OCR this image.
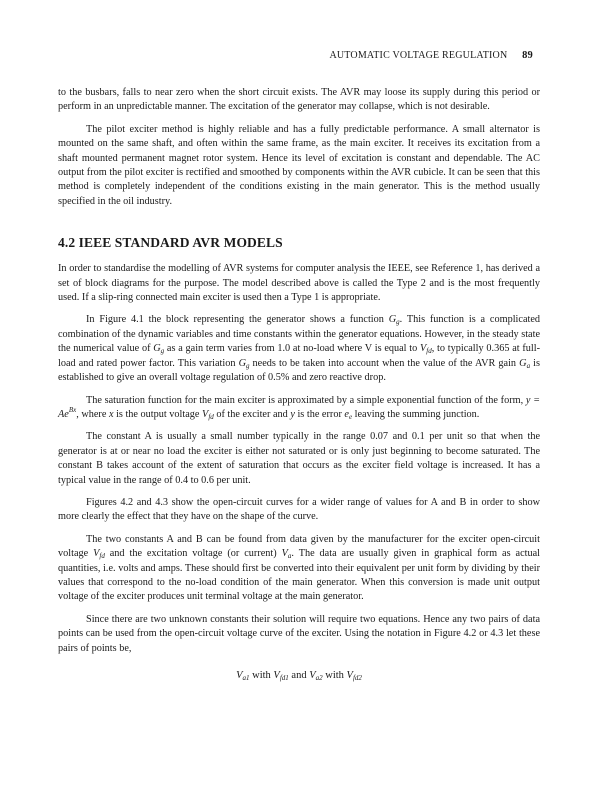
AUTOMATIC VOLTAGE REGULATION 89

to the busbars, falls to near zero when the short circuit exists. The AVR may loose its supply during this period or perform in an unpredictable manner. The excitation of the generator may collapse, which is not desirable.

The pilot exciter method is highly reliable and has a fully predictable performance. A small alternator is mounted on the same shaft, and often within the same frame, as the main exciter. It receives its excitation from a shaft mounted permanent magnet rotor system. Hence its level of excitation is constant and dependable. The AC output from the pilot exciter is rectified and smoothed by components within the AVR cubicle. It can be seen that this method is completely independent of the conditions existing in the main generator. This is the method usually specified in the oil industry.

4.2 IEEE STANDARD AVR MODELS

In order to standardise the modelling of AVR systems for computer analysis the IEEE, see Reference 1, has derived a set of block diagrams for the purpose. The model described above is called the Type 2 and is the most frequently used. If a slip-ring connected main exciter is used then a Type 1 is appropriate.

In Figure 4.1 the block representing the generator shows a function $G_g$. This function is a complicated combination of the dynamic variables and time constants within the generator equations. However, in the steady state the numerical value of $G_g$ as a gain term varies from 1.0 at no-load where V is equal to $V_{fd}$, to typically 0.365 at full-load and rated power factor. This variation $G_g$ needs to be taken into account when the value of the AVR gain $G_a$ is established to give an overall voltage regulation of 0.5% and zero reactive drop.

The saturation function for the main exciter is approximated by a simple exponential function of the form, $y = Ae^{Bx}$, where x is the output voltage $V_{fd}$ of the exciter and y is the error $e_e$ leaving the summing junction.

The constant A is usually a small number typically in the range 0.07 and 0.1 per unit so that when the generator is at or near no load the exciter is either not saturated or is only just beginning to become saturated. The constant B takes account of the extent of saturation that occurs as the exciter field voltage is increased. It has a typical value in the range of 0.4 to 0.6 per unit.

Figures 4.2 and 4.3 show the open-circuit curves for a wider range of values for A and B in order to show more clearly the effect that they have on the shape of the curve.

The two constants A and B can be found from data given by the manufacturer for the exciter open-circuit voltage $V_{fd}$ and the excitation voltage (or current) $V_a$. The data are usually given in graphical form as actual quantities, i.e. volts and amps. These should first be converted into their equivalent per unit form by dividing by their values that correspond to the no-load condition of the main generator. When this conversion is made unit output voltage of the exciter produces unit terminal voltage at the main generator.

Since there are two unknown constants their solution will require two equations. Hence any two pairs of data points can be used from the open-circuit voltage curve of the exciter. Using the notation in Figure 4.2 or 4.3 let these pairs of points be,

$V_{a1}$ with $V_{fd1}$ and $V_{a2}$ with $V_{fd2}$
